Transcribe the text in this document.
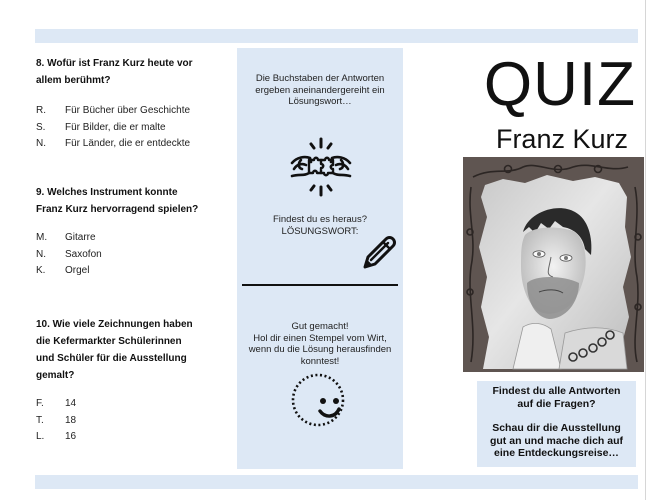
8. Wofür ist Franz Kurz heute vor
allem berühmt?
R.	Für Bücher über Geschichte
S.	Für Bilder, die er malte
N.	Für Länder, die er entdeckte
9. Welches Instrument konnte
Franz Kurz hervorragend spielen?
M.	Gitarre
N.	Saxofon
K.	Orgel
10. Wie viele Zeichnungen haben
die Kefermarkter Schülerinnen
und Schüler für die Ausstellung
gemalt?
F.	14
T.	18
L.	16
Die Buchstaben der Antworten
ergeben aneinandergereiht ein
Lösungswort…
Findest du es heraus?
LÖSUNGSWORT:
Gut gemacht!
Hol dir einen Stempel vom Wirt,
wenn du die Lösung herausfinden
konntest!
QUIZ
Franz Kurz

Findest du alle Antworten
auf die Fragen?

Schau dir die Ausstellung
gut an und mache dich auf
eine Entdeckungsreise…
